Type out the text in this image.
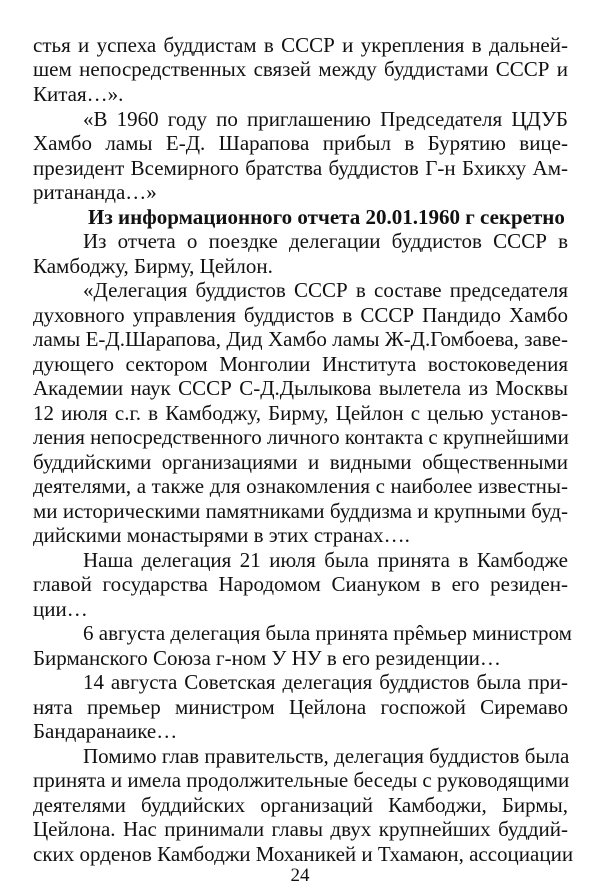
стья и успеха буддистам в СССР и укрепления в дальней-
шем непосредственных связей между буддистами СССР и
Китая…».
«В 1960 году по приглашению Председателя ЦДУБ
Хамбо ламы Е-Д. Шарапова прибыл в Бурятию вице-
президент Всемирного братства буддистов Г-н Бхикху Ам-
ритананда…»
Из информационного отчета 20.01.1960 г секретно
Из отчета о поездке делегации буддистов СССР в
Камбоджу, Бирму, Цейлон.
«Делегация буддистов СССР в составе председателя
духовного управления буддистов в СССР Пандидо Хамбо
ламы Е-Д.Шарапова, Дид Хамбо ламы Ж-Д.Гомбоева, заве-
дующего сектором Монголии Института востоковедения
Академии наук СССР С-Д.Дылыкова вылетела из Москвы
12 июля с.г. в Камбоджу, Бирму, Цейлон с целью установ-
ления непосредственного личного контакта с крупнейшими
буддийскими организациями и видными общественными
деятелями, а также для ознакомления с наиболее известны-
ми историческими памятниками буддизма и крупными буд-
дийскими монастырями в этих странах….
Наша делегация 21 июля была принята в Камбодже
главой государства Народомом Сиануком в его резиден-
ции…
6 августа делегация была принята прêмьер министром
Бирманского Союза г-ном У НУ в его резиденции…
14 августа Советская делегация буддистов была при-
нята премьер министром Цейлона госпожой Сиремаво
Бандаранаике…
Помимо глав правительств, делегация буддистов была
принята и имела продолжительные беседы с руководящими
деятелями буддийских организаций Камбоджи, Бирмы,
Цейлона. Нас принимали главы двух крупнейших буддий-
ских орденов Камбоджи Моханикей и Тхамаюн, ассоциации
24
